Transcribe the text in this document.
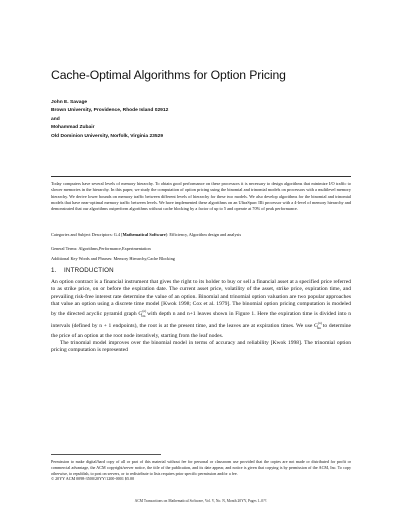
Cache-Optimal Algorithms for Option Pricing
John E. Savage
Brown University, Providence, Rhode Island 02912
and
Mohammad Zubair
Old Dominion University, Norfolk, Virginia 23529
Today computers have several levels of memory hierarchy. To obtain good performance on these processors it is necessary to design algorithms that minimize I/O traffic to slower memories in the hierarchy. In this paper, we study the computation of option pricing using the binomial and trinomial models on processors with a multilevel memory hierarchy. We derive lower bounds on memory traffic between different levels of hierarchy for these two models. We also develop algorithms for the binomial and trinomial models that have near-optimal memory traffic between levels. We have implemented these algorithms on an UltraSparc IIIi processor with a 4-level of memory hierarchy and demonstrated that our algorithms outperform algorithms without cache blocking by a factor of up to 5 and operate at 70% of peak performance.
Categories and Subject Descriptors: G.4 [Mathematical Software]: Efficiency, Algorithm design and analysis
General Terms: Algorithms,Performance,Experimentation
Additional Key Words and Phrases: Memory Hierarchy,Cache Blocking
1. INTRODUCTION

An option contract is a financial instrument that gives the right to its holder to buy or sell a financial asset at a specified price referred to as strike price, on or before the expiration date. The current asset price, volatility of the asset, strike price, expiration time, and prevailing risk-free interest rate determine the value of an option. Binomial and trinomial option valuation are two popular approaches that value an option using a discrete time model [Kwok 1998; Cox et al. 1979]. The binomial option pricing computation is modeled by the directed acyclic pyramid graph $G^{(n)}_{bin}$ with depth n and n+1 leaves shown in Figure 1. Here the expiration time is divided into n intervals (defined by n + 1 endpoints), the root is at the present time, and the leaves are at expiration times. We use $G^{(n)}_{bin}$ to determine the price of an option at the root node iteratively, starting from the leaf nodes.

The trinomial model improves over the binomial model in terms of accuracy and reliability [Kwok 1998]. The trinomial option pricing computation is represented

Permission to make digital/hard copy of all or part of this material without fee for personal or classroom use provided that the copies are not made or distributed for profit or commercial advantage, the ACM copyright/server notice, the title of the publication, and its date appear, and notice is given that copying is by permission of the ACM, Inc. To copy otherwise, to republish, to post on servers, or to redistribute to lists requires prior specific permission and/or a fee.
© 20YY ACM 0098-3500/20YY/1200-0001 $5.00
ACM Transactions on Mathematical Software, Vol. V, No. N, Month 20YY, Pages 1–0??.
